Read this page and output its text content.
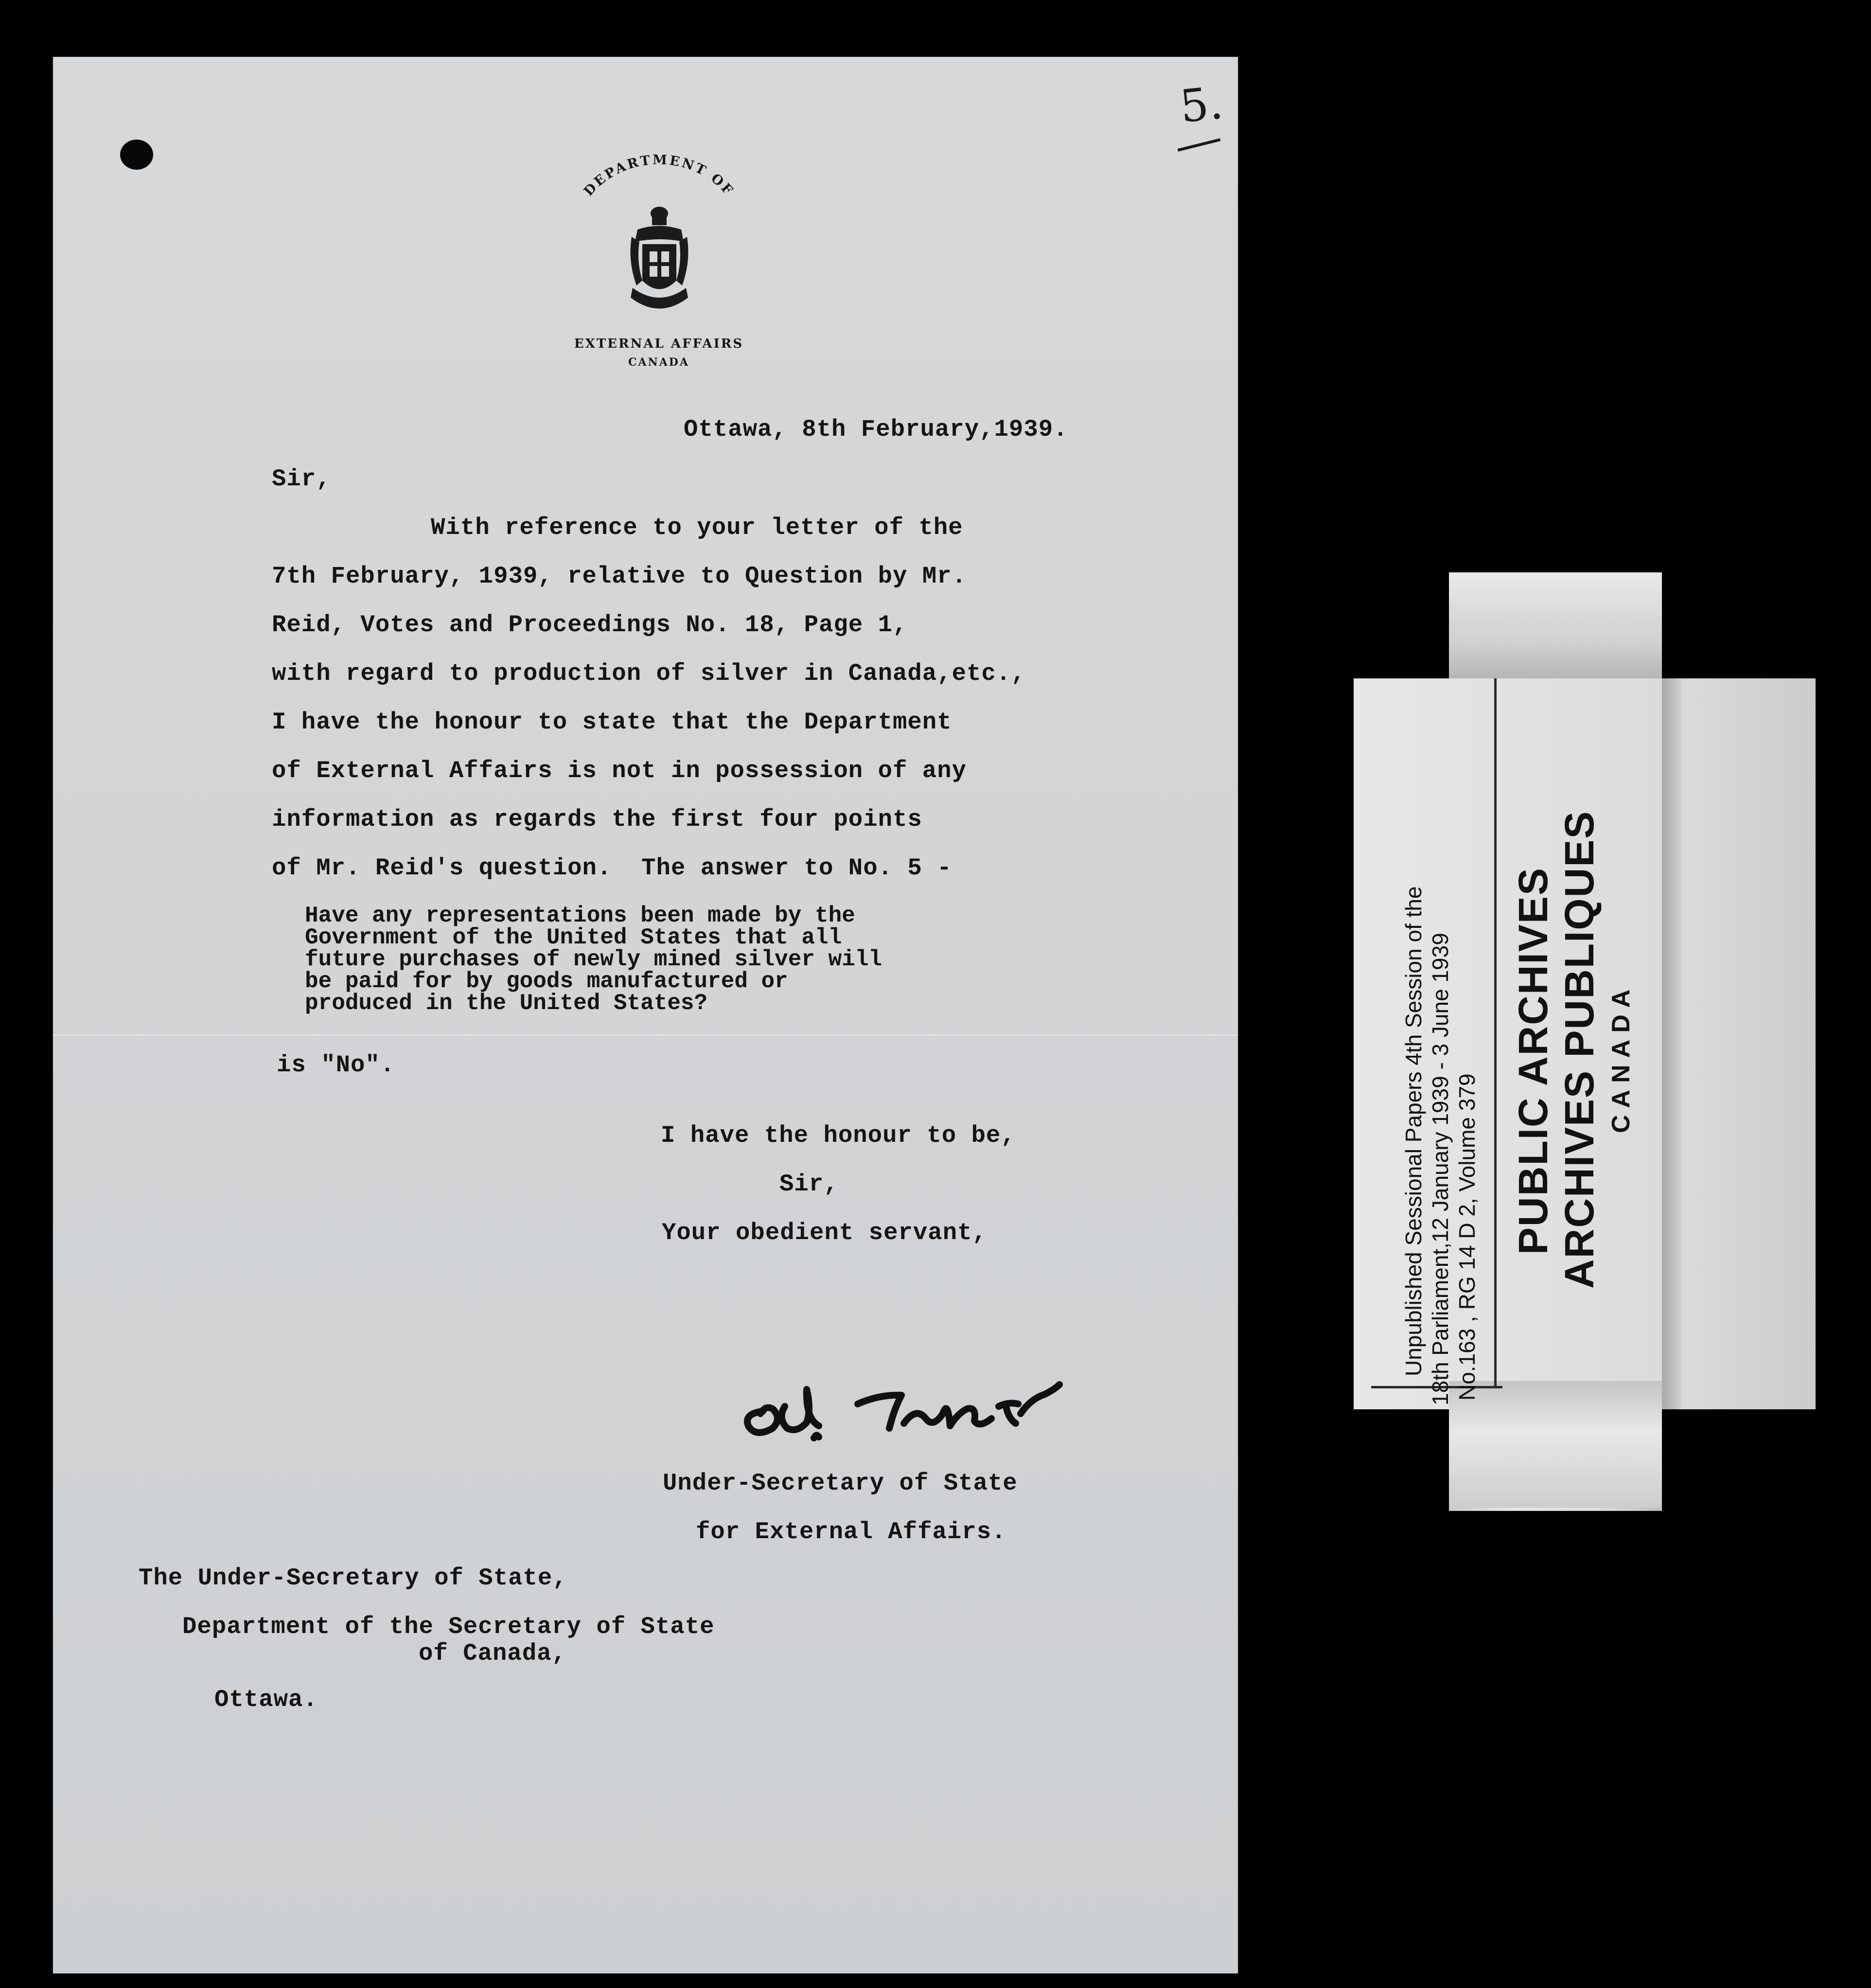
5.
DEPARTMENT OF
EXTERNAL AFFAIRS
CANADA
Ottawa, 8th February,1939.
Sir,
With reference to your letter of the
7th February, 1939, relative to Question by Mr.
Reid, Votes and Proceedings No. 18, Page 1,
with regard to production of silver in Canada,etc.,
I have the honour to state that the Department
of External Affairs is not in possession of any
information as regards the first four points
of Mr. Reid's question.  The answer to No. 5 -
Have any representations been made by the
Government of the United States that all
future purchases of newly mined silver will
be paid for by goods manufactured or
produced in the United States?
is "No".
I have the honour to be,
Sir,
Your obedient servant,
Under-Secretary of State
for External Affairs.
The Under-Secretary of State,
Department of the Secretary of State
of Canada,
Ottawa.
Unpublished Sessional Papers 4th Session of the 18th Parliament,12 January 1939 - 3 June 1939 No.163 , RG 14 D 2, Volume 379 PUBLIC ARCHIVES ARCHIVES PUBLIQUES CANADA
